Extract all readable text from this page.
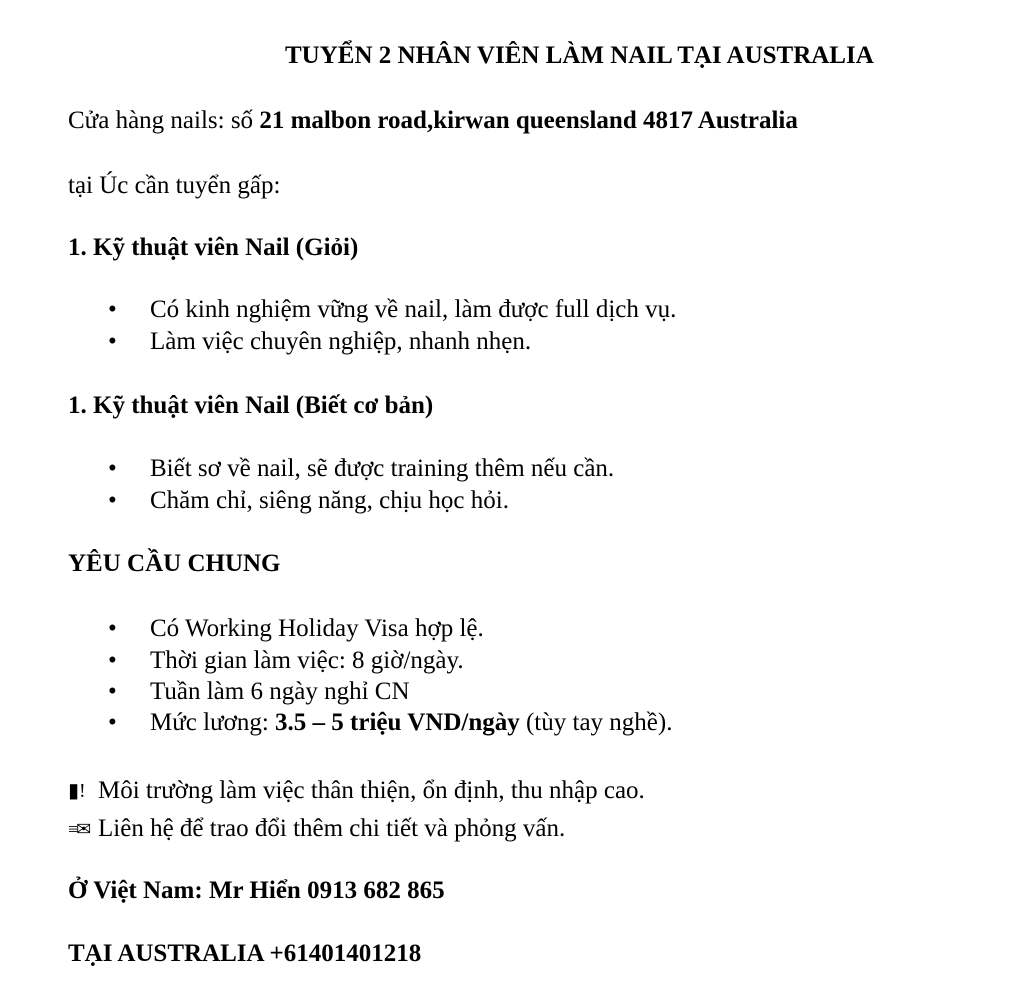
TUYỂN 2 NHÂN VIÊN LÀM NAIL TẠI AUSTRALIA
Cửa hàng nails: số 21 malbon road,kirwan queensland 4817 Australia
tại Úc cần tuyển gấp:
1. Kỹ thuật viên Nail (Giỏi)
• Có kinh nghiệm vững về nail, làm được full dịch vụ.
• Làm việc chuyên nghiệp, nhanh nhẹn.
1. Kỹ thuật viên Nail (Biết cơ bản)
• Biết sơ về nail, sẽ được training thêm nếu cần.
• Chăm chỉ, siêng năng, chịu học hỏi.
YÊU CẦU CHUNG
• Có Working Holiday Visa hợp lệ.
• Thời gian làm việc: 8 giờ/ngày.
• Tuần làm 6 ngày nghỉ CN
• Mức lương: 3.5 – 5 triệu VND/ngày (tùy tay nghề).
▮! Môi trường làm việc thân thiện, ổn định, thu nhập cao.
≡✉ Liên hệ để trao đổi thêm chi tiết và phỏng vấn.
Ở Việt Nam: Mr Hiển 0913 682 865
TẠI AUSTRALIA +61401401218
